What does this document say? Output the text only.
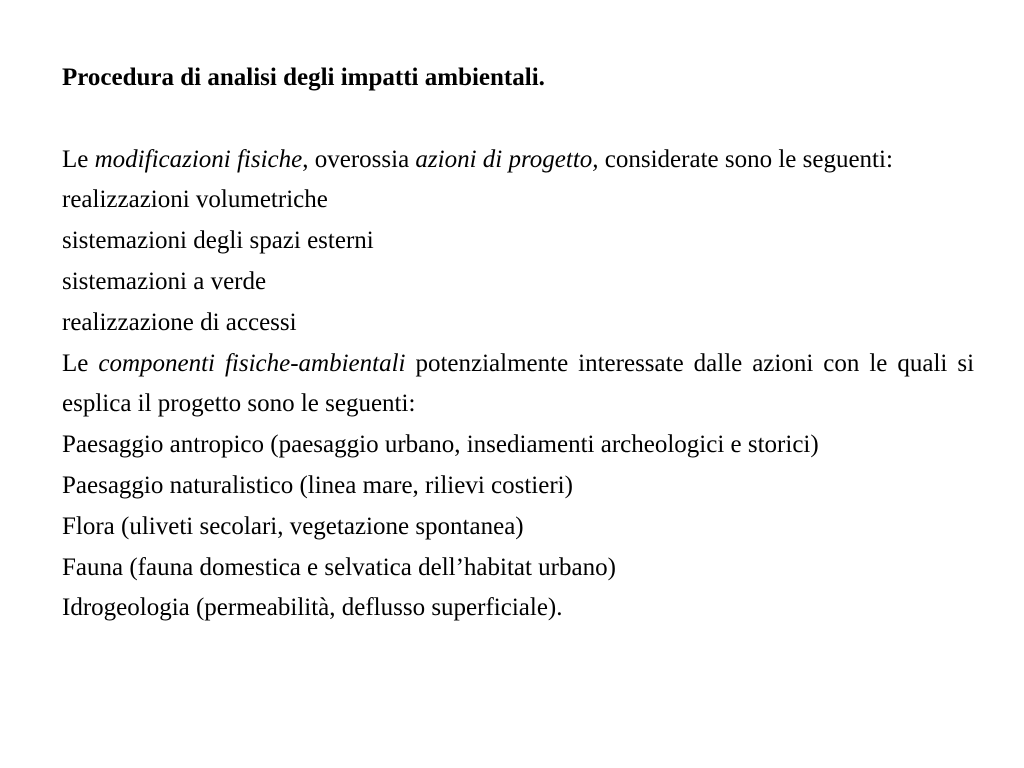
Procedura di analisi degli impatti ambientali.

Le modificazioni fisiche, overossia azioni di progetto, considerate sono le seguenti:

realizzazioni volumetriche

sistemazioni degli spazi esterni

sistemazioni a verde

realizzazione di accessi

Le componenti fisiche-ambientali potenzialmente interessate dalle azioni con le quali si esplica il progetto sono le seguenti:

Paesaggio antropico (paesaggio urbano, insediamenti archeologici e storici)

Paesaggio naturalistico (linea mare, rilievi costieri)

Flora (uliveti secolari, vegetazione spontanea)

Fauna (fauna domestica e selvatica dell’habitat urbano)

Idrogeologia (permeabilità, deflusso superficiale).
